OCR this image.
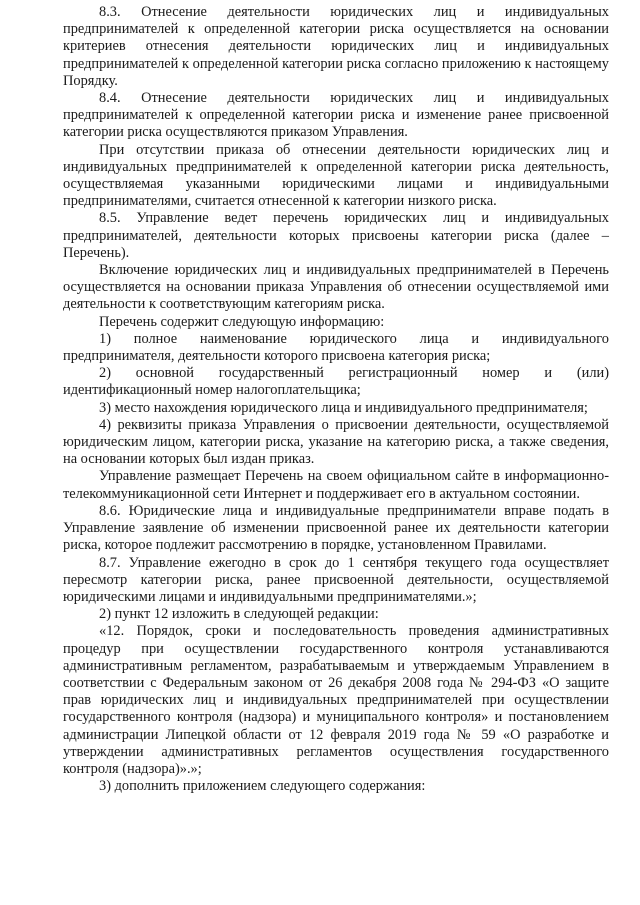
8.3. Отнесение деятельности юридических лиц и индивидуальных предпринимателей к определенной категории риска осуществляется на основании критериев отнесения деятельности юридических лиц и индивидуальных предпринимателей к определенной категории риска согласно приложению к настоящему Порядку.

8.4. Отнесение деятельности юридических лиц и индивидуальных предпринимателей к определенной категории риска и изменение ранее присвоенной категории риска осуществляются приказом Управления.

При отсутствии приказа об отнесении деятельности юридических лиц и индивидуальных предпринимателей к определенной категории риска деятельность, осуществляемая указанными юридическими лицами и индивидуальными предпринимателями, считается отнесенной к категории низкого риска.

8.5. Управление ведет перечень юридических лиц и индивидуальных предпринимателей, деятельности которых присвоены категории риска (далее – Перечень).

Включение юридических лиц и индивидуальных предпринимателей в Перечень осуществляется на основании приказа Управления об отнесении осуществляемой ими деятельности к соответствующим категориям риска.

Перечень содержит следующую информацию:

1) полное наименование юридического лица и индивидуального предпринимателя, деятельности которого присвоена категория риска;

2) основной государственный регистрационный номер и (или) идентификационный номер налогоплательщика;

3) место нахождения юридического лица и индивидуального предпринимателя;

4) реквизиты приказа Управления о присвоении деятельности, осуществляемой юридическим лицом, категории риска, указание на категорию риска, а также сведения, на основании которых был издан приказ.

Управление размещает Перечень на своем официальном сайте в информационно-телекоммуникационной сети Интернет и поддерживает его в актуальном состоянии.

8.6. Юридические лица и индивидуальные предприниматели вправе подать в Управление заявление об изменении присвоенной ранее их деятельности категории риска, которое подлежит рассмотрению в порядке, установленном Правилами.

8.7. Управление ежегодно в срок до 1 сентября текущего года осуществляет пересмотр категории риска, ранее присвоенной деятельности, осуществляемой юридическими лицами и индивидуальными предпринимателями.»;

2) пункт 12 изложить в следующей редакции:

«12. Порядок, сроки и последовательность проведения административных процедур при осуществлении государственного контроля устанавливаются административным регламентом, разрабатываемым и утверждаемым Управлением в соответствии с Федеральным законом от 26 декабря 2008 года № 294-ФЗ «О защите прав юридических лиц и индивидуальных предпринимателей при осуществлении государственного контроля (надзора) и муниципального контроля» и постановлением администрации Липецкой области от 12 февраля 2019 года № 59 «О разработке и утверждении административных регламентов осуществления государственного контроля (надзора)».»;

3) дополнить приложением следующего содержания:
